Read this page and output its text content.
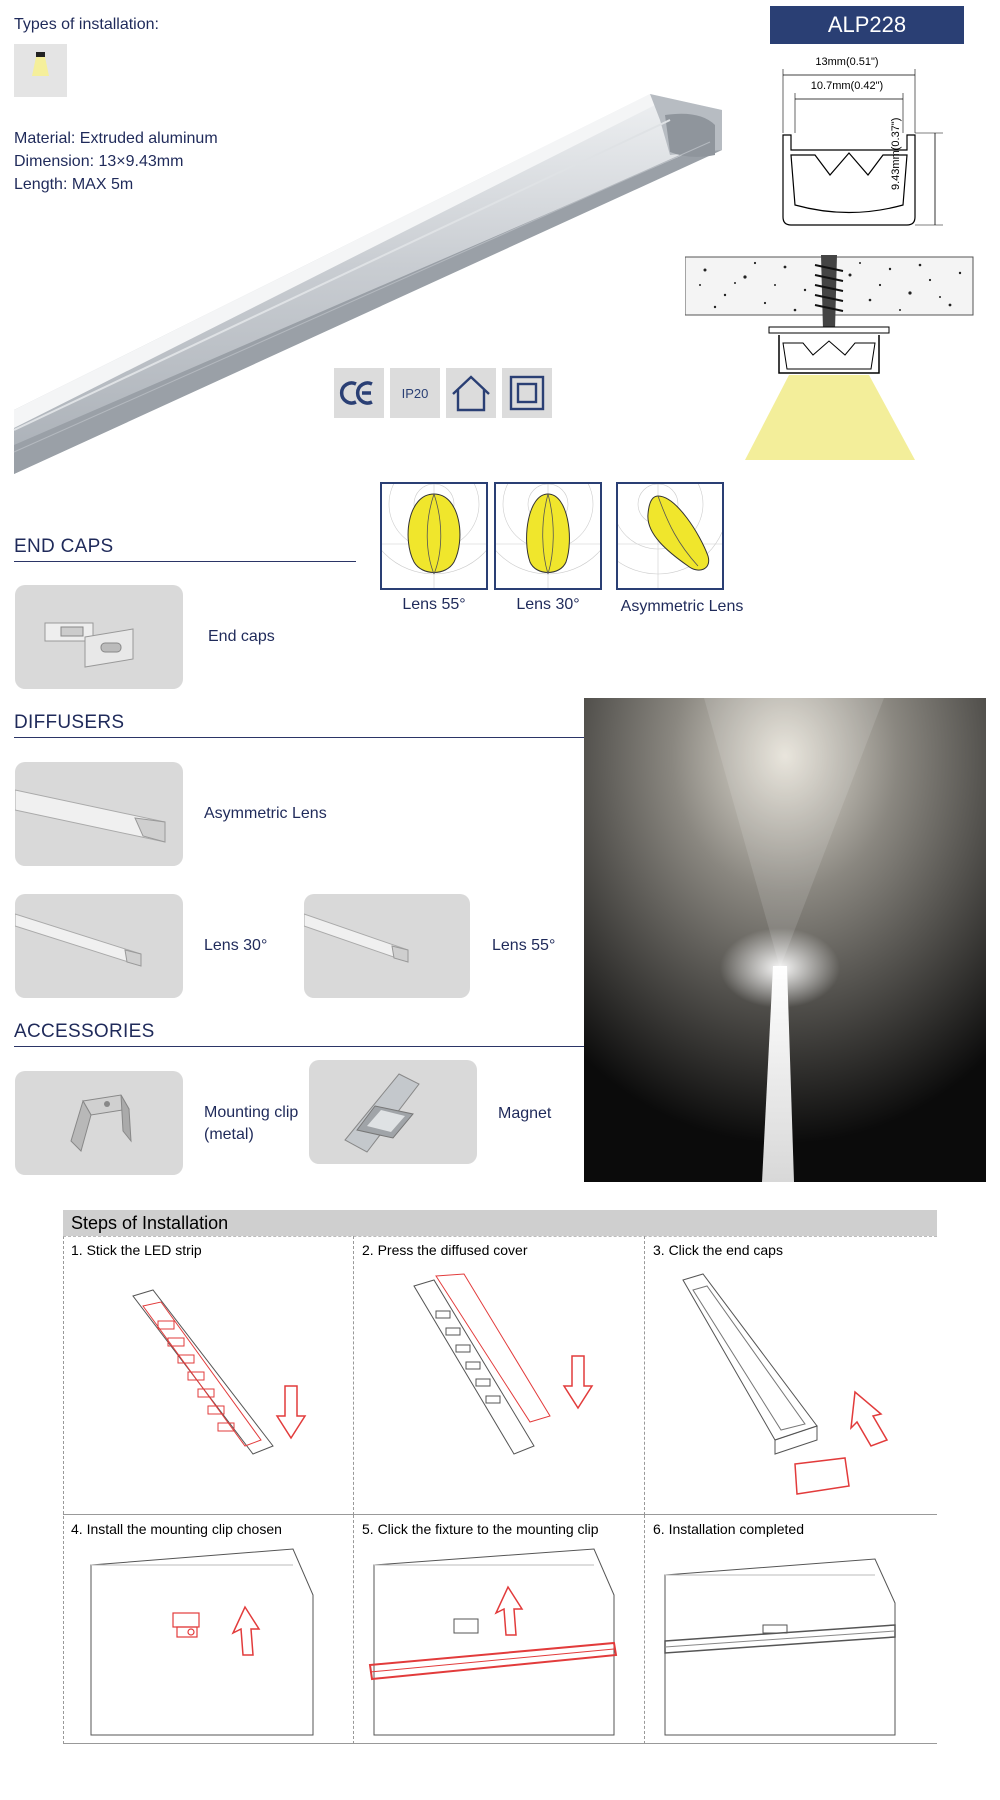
Types of installation:
Material: Extruded aluminum
Dimension: 13×9.43mm
Length: MAX 5m
ALP228
13mm(0.51")
10.7mm(0.42")
9.43mm(0.37")
IP20
Lens 55°	Lens 30°	Asymmetric Lens
END CAPS
End caps
DIFFUSERS
Asymmetric Lens
Lens 30°	Lens 55°
ACCESSORIES
Mounting clip (metal)
Magnet
Steps of Installation
1. Stick the LED strip	2. Press the diffused cover	3. Click the end caps
4. Install the mounting clip chosen	5. Click the fixture to the mounting clip	6. Installation completed
